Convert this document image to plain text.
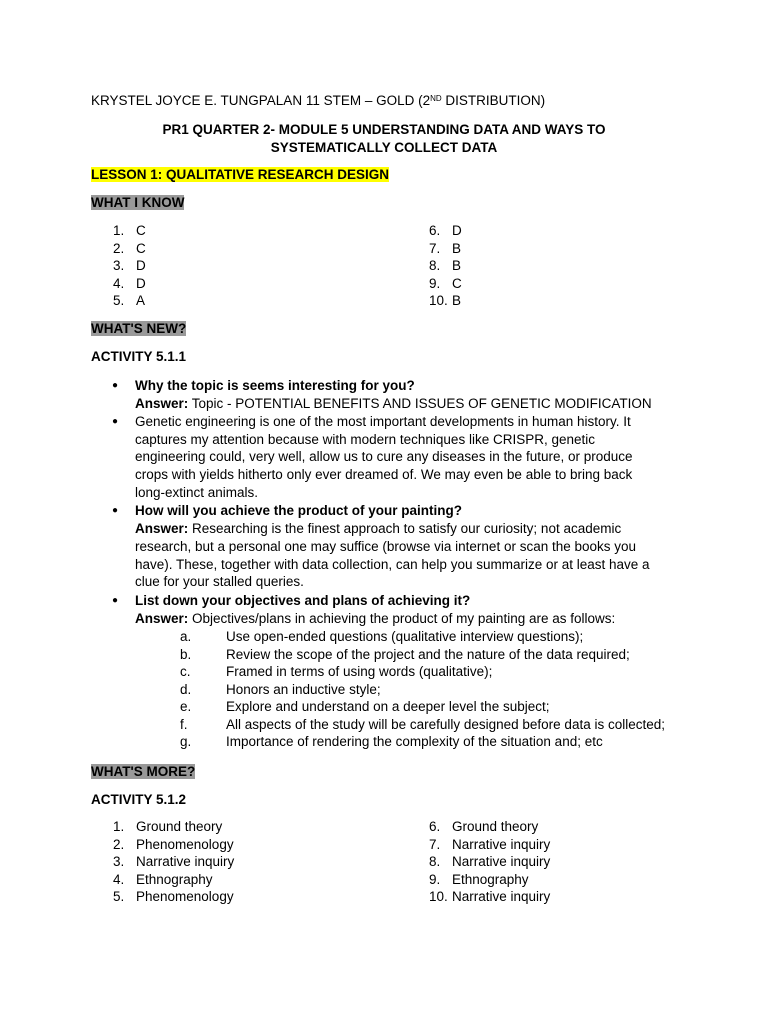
KRYSTEL JOYCE E. TUNGPALAN 11 STEM – GOLD (2ND DISTRIBUTION)
PR1 QUARTER 2- MODULE 5 UNDERSTANDING DATA AND WAYS TO
SYSTEMATICALLY COLLECT DATA
LESSON 1: QUALITATIVE RESEARCH DESIGN
WHAT I KNOW
1. C
2. C
3. D
4. D
5. A
6. D
7. B
8. B
9. C
10. B
WHAT'S NEW?
ACTIVITY 5.1.1
● Why the topic is seems interesting for you?
Answer: Topic - POTENTIAL BENEFITS AND ISSUES OF GENETIC MODIFICATION
● Genetic engineering is one of the most important developments in human history. It
captures my attention because with modern techniques like CRISPR, genetic
engineering could, very well, allow us to cure any diseases in the future, or produce
crops with yields hitherto only ever dreamed of. We may even be able to bring back
long-extinct animals.
● How will you achieve the product of your painting?
Answer: Researching is the finest approach to satisfy our curiosity; not academic
research, but a personal one may suffice (browse via internet or scan the books you
have). These, together with data collection, can help you summarize or at least have a
clue for your stalled queries.
● List down your objectives and plans of achieving it?
Answer: Objectives/plans in achieving the product of my painting are as follows:
a.	Use open-ended questions (qualitative interview questions);
b.	Review the scope of the project and the nature of the data required;
c.	Framed in terms of using words (qualitative);
d.	Honors an inductive style;
e.	Explore and understand on a deeper level the subject;
f.	All aspects of the study will be carefully designed before data is collected;
g.	Importance of rendering the complexity of the situation and; etc
WHAT'S MORE?
ACTIVITY 5.1.2
1. Ground theory
2. Phenomenology
3. Narrative inquiry
4. Ethnography
5. Phenomenology
6. Ground theory
7. Narrative inquiry
8. Narrative inquiry
9. Ethnography
10. Narrative inquiry
